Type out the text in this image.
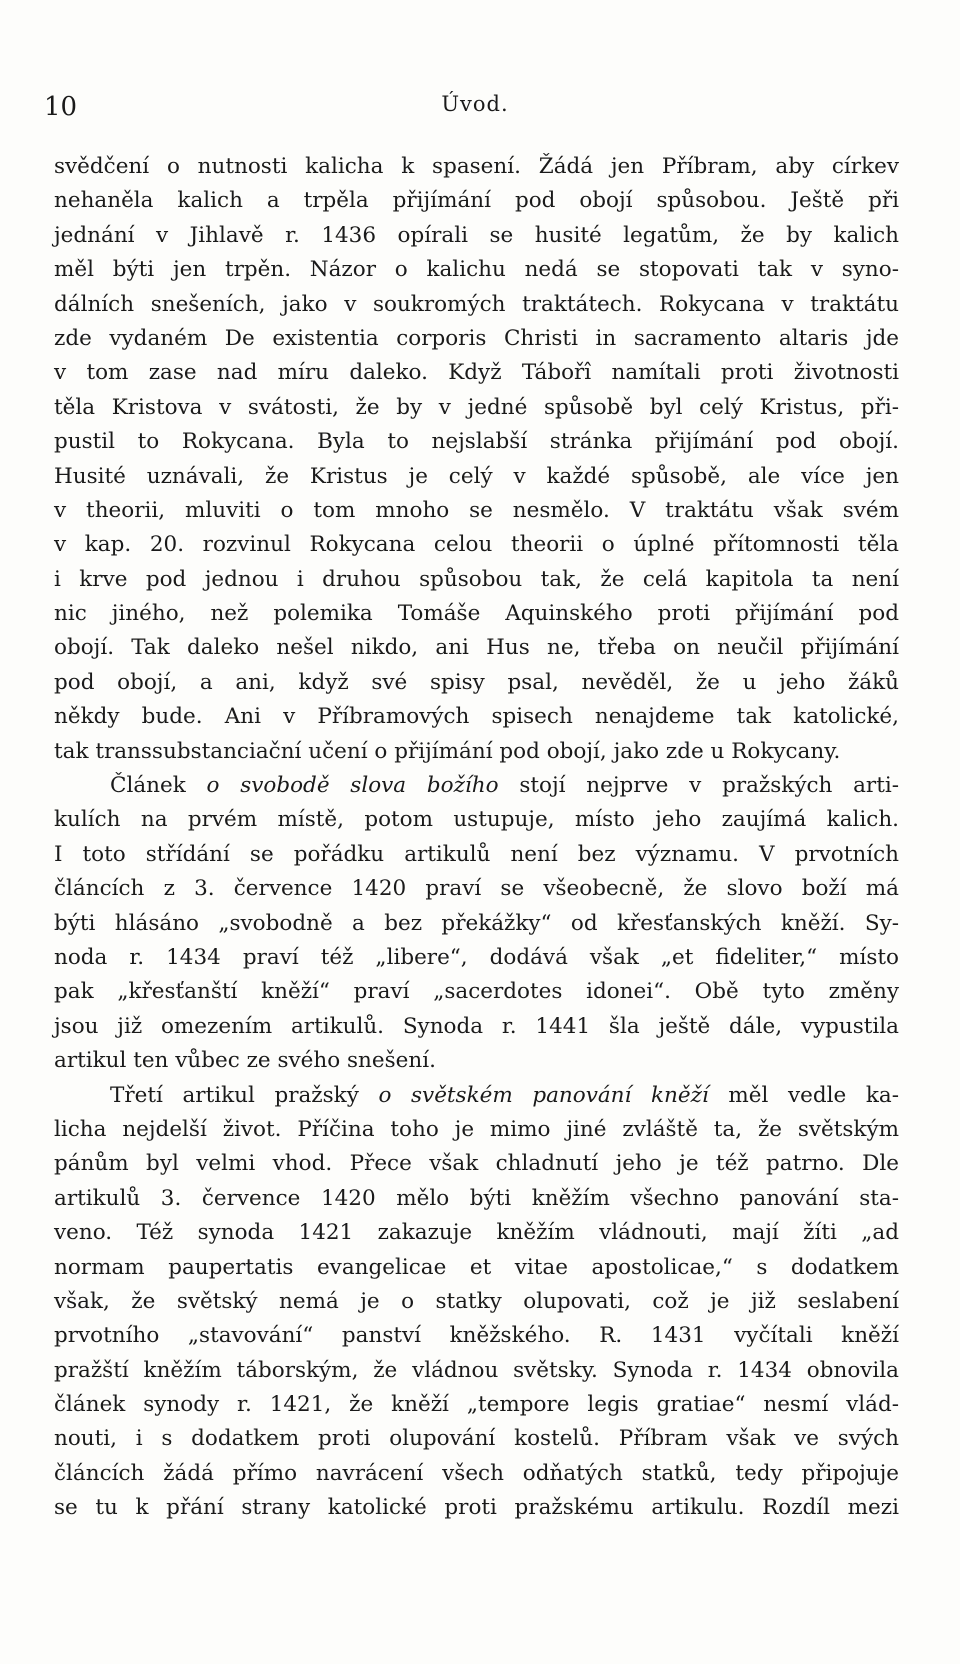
10	Úvod.
svědčení o nutnosti kalicha k spasení. Žádá jen Příbram, aby církev
nehaněla kalich a trpěla přijímání pod obojí spůsobou. Ještě při
jednání v Jihlavě r. 1436 opírali se husité legatům, že by kalich
měl býti jen trpěn. Názor o kalichu nedá se stopovati tak v syno-
dálních snešeních, jako v soukromých traktátech. Rokycana v traktátu
zde vydaném De existentia corporis Christi in sacramento altaris jde
v tom zase nad míru daleko. Když Tábořî namítali proti životnosti
těla Kristova v svátosti, že by v jedné spůsobě byl celý Kristus, při-
pustil to Rokycana. Byla to nejslabší stránka přijímání pod obojí.
Husité uznávali, že Kristus je celý v každé spůsobě, ale více jen
v theorii, mluviti o tom mnoho se nesmělo. V traktátu však svém
v kap. 20. rozvinul Rokycana celou theorii o úplné přítomnosti těla
i krve pod jednou i druhou spůsobou tak, že celá kapitola ta není
nic jiného, než polemika Tomáše Aquinského proti přijímání pod
obojí. Tak daleko nešel nikdo, ani Hus ne, třeba on neučil přijímání
pod obojí, a ani, když své spisy psal, nevěděl, že u jeho žáků
někdy bude. Ani v Příbramových spisech nenajdeme tak katolické,
tak transsubstanciační učení o přijímání pod obojí, jako zde u Rokycany.
Článek o svobodě slova božího stojí nejprve v pražských arti-
kulích na prvém místě, potom ustupuje, místo jeho zaujímá kalich.
I toto střídání se pořádku artikulů není bez významu. V prvotních
článcích z 3. července 1420 praví se všeobecně, že slovo boží má
býti hlásáno „svobodně a bez překážky“ od křesťanských kněží. Sy-
noda r. 1434 praví též „libere“, dodává však „et fideliter,“ místo
pak „křesťanští kněží“ praví „sacerdotes idonei“. Obě tyto změny
jsou již omezením artikulů. Synoda r. 1441 šla ještě dále, vypustila
artikul ten vůbec ze svého snešení.
Třetí artikul pražský o světském panování kněží měl vedle ka-
licha nejdelší život. Příčina toho je mimo jiné zvláště ta, že světským
pánům byl velmi vhod. Přece však chladnutí jeho je též patrno. Dle
artikulů 3. července 1420 mělo býti kněžím všechno panování sta-
veno. Též synoda 1421 zakazuje kněžím vládnouti, mají žíti „ad
normam paupertatis evangelicae et vitae apostolicae,“ s dodatkem
však, že světský nemá je o statky olupovati, což je již seslabení
prvotního „stavování“ panství kněžského. R. 1431 vyčítali kněží
pražští kněžím táborským, že vládnou světsky. Synoda r. 1434 obnovila
článek synody r. 1421, že kněží „tempore legis gratiae“ nesmí vlád-
nouti, i s dodatkem proti olupování kostelů. Příbram však ve svých
článcích žádá přímo navrácení všech odňatých statků, tedy připojuje
se tu k přání strany katolické proti pražskému artikulu. Rozdíl mezi
